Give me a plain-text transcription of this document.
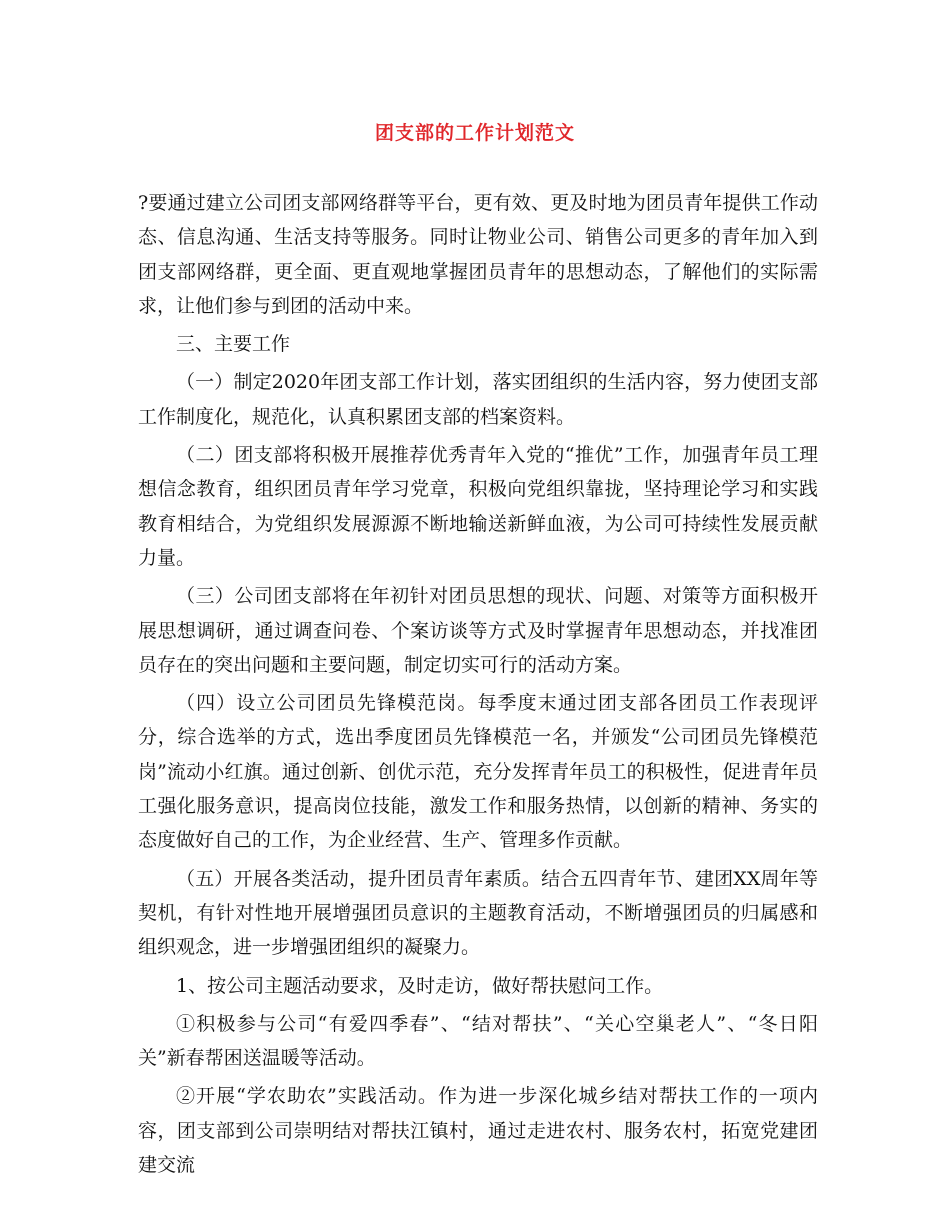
团支部的工作计划范文

?要通过建立公司团支部网络群等平台，更有效、更及时地为团员青年提供工作动态、信息沟通、生活支持等服务。同时让物业公司、销售公司更多的青年加入到团支部网络群，更全面、更直观地掌握团员青年的思想动态，了解他们的实际需求，让他们参与到团的活动中来。

三、主要工作

（一）制定2020年团支部工作计划，落实团组织的生活内容，努力使团支部工作制度化，规范化，认真积累团支部的档案资料。

（二）团支部将积极开展推荐优秀青年入党的“推优”工作，加强青年员工理想信念教育，组织团员青年学习党章，积极向党组织靠拢，坚持理论学习和实践教育相结合，为党组织发展源源不断地输送新鲜血液，为公司可持续性发展贡献力量。

（三）公司团支部将在年初针对团员思想的现状、问题、对策等方面积极开展思想调研，通过调查问卷、个案访谈等方式及时掌握青年思想动态，并找准团员存在的突出问题和主要问题，制定切实可行的活动方案。

（四）设立公司团员先锋模范岗。每季度末通过团支部各团员工作表现评分，综合选举的方式，选出季度团员先锋模范一名，并颁发“公司团员先锋模范岗”流动小红旗。通过创新、创优示范，充分发挥青年员工的积极性，促进青年员工强化服务意识，提高岗位技能，激发工作和服务热情，以创新的精神、务实的态度做好自己的工作，为企业经营、生产、管理多作贡献。

（五）开展各类活动，提升团员青年素质。结合五四青年节、建团XX周年等契机，有针对性地开展增强团员意识的主题教育活动，不断增强团员的归属感和组织观念，进一步增强团组织的凝聚力。

1、按公司主题活动要求，及时走访，做好帮扶慰问工作。

①积极参与公司“有爱四季春”、“结对帮扶”、“关心空巢老人”、“冬日阳关”新春帮困送温暖等活动。

②开展“学农助农”实践活动。作为进一步深化城乡结对帮扶工作的一项内容，团支部到公司崇明结对帮扶江镇村，通过走进农村、服务农村，拓宽党建团建交流
